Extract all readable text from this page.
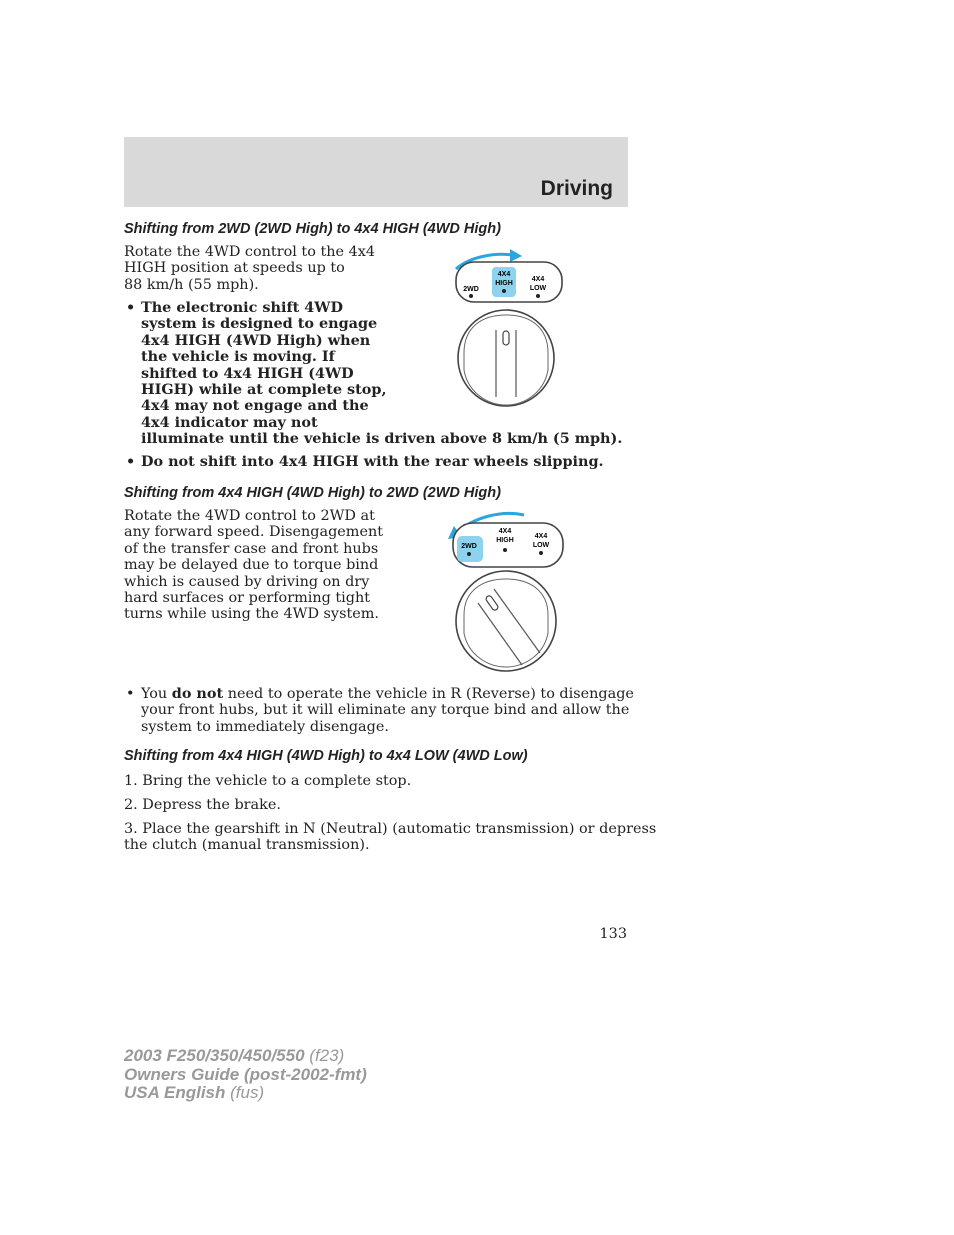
Driving
Shifting from 2WD (2WD High) to 4x4 HIGH (4WD High)
Rotate the 4WD control to the 4x4
HIGH position at speeds up to
88 km/h (55 mph).
• The electronic shift 4WD
system is designed to engage
4x4 HIGH (4WD High) when
the vehicle is moving. If
shifted to 4x4 HIGH (4WD
HIGH) while at complete stop,
4x4 may not engage and the
4x4 indicator may not
illuminate until the vehicle is driven above 8 km/h (5 mph).
• Do not shift into 4x4 HIGH with the rear wheels slipping.
2WD
4X4
HIGH
4X4
LOW
Shifting from 4x4 HIGH (4WD High) to 2WD (2WD High)
Rotate the 4WD control to 2WD at
any forward speed. Disengagement
of the transfer case and front hubs
may be delayed due to torque bind
which is caused by driving on dry
hard surfaces or performing tight
turns while using the 4WD system.
2WD
4X4
HIGH
4X4
LOW
• You do not need to operate the vehicle in R (Reverse) to disengage
your front hubs, but it will eliminate any torque bind and allow the
system to immediately disengage.
Shifting from 4x4 HIGH (4WD High) to 4x4 LOW (4WD Low)
1. Bring the vehicle to a complete stop.
2. Depress the brake.
3. Place the gearshift in N (Neutral) (automatic transmission) or depress
the clutch (manual transmission).
133
2003 F250/350/450/550 (f23)
Owners Guide (post-2002-fmt)
USA English (fus)
